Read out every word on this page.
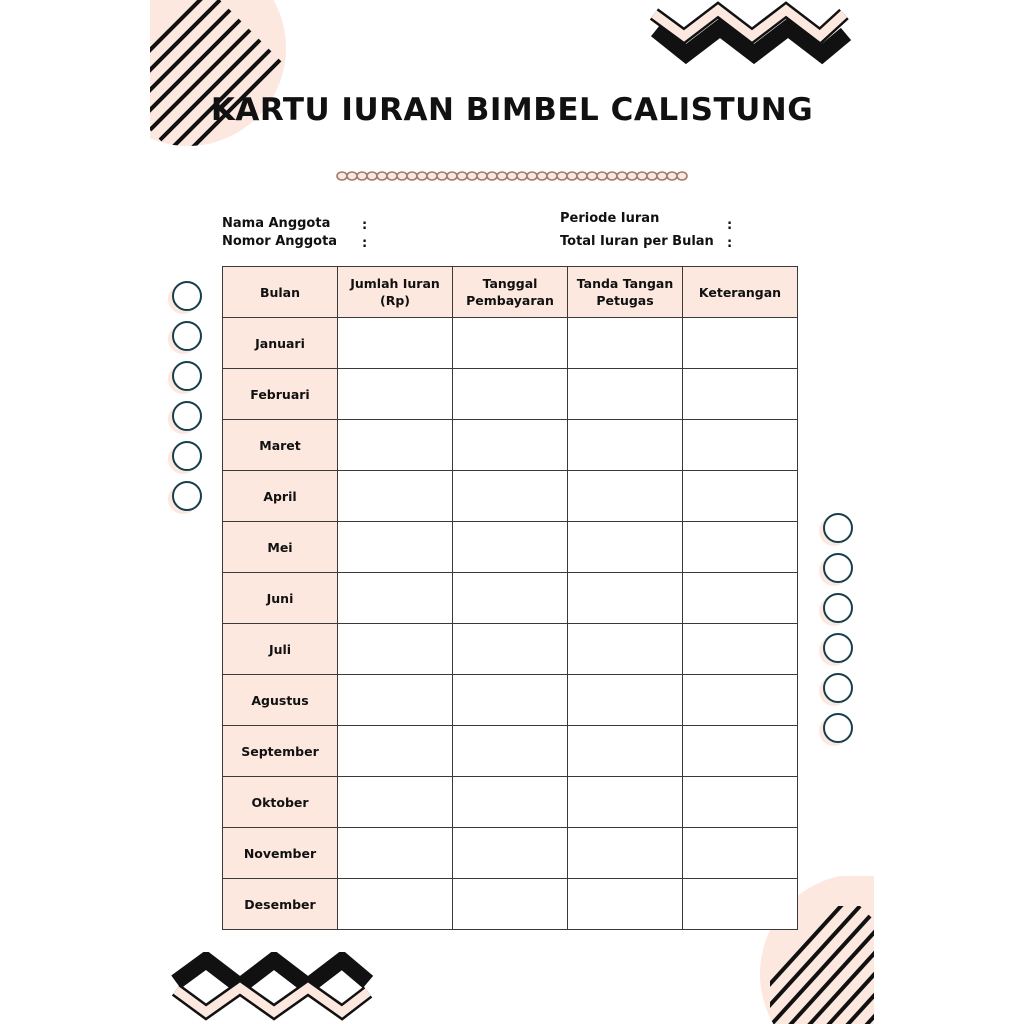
KARTU IURAN BIMBEL CALISTUNG
Nama Anggota :
Nomor Anggota :
Periode Iuran	:
Total Iuran per Bulan :
Bulan	Jumlah Iuran (Rp)	Tanggal Pembayaran	Tanda Tangan Petugas	Keterangan
Januari				
Februari				
Maret				
April				
Mei				
Juni				
Juli				
Agustus				
September				
Oktober				
November				
Desember				
